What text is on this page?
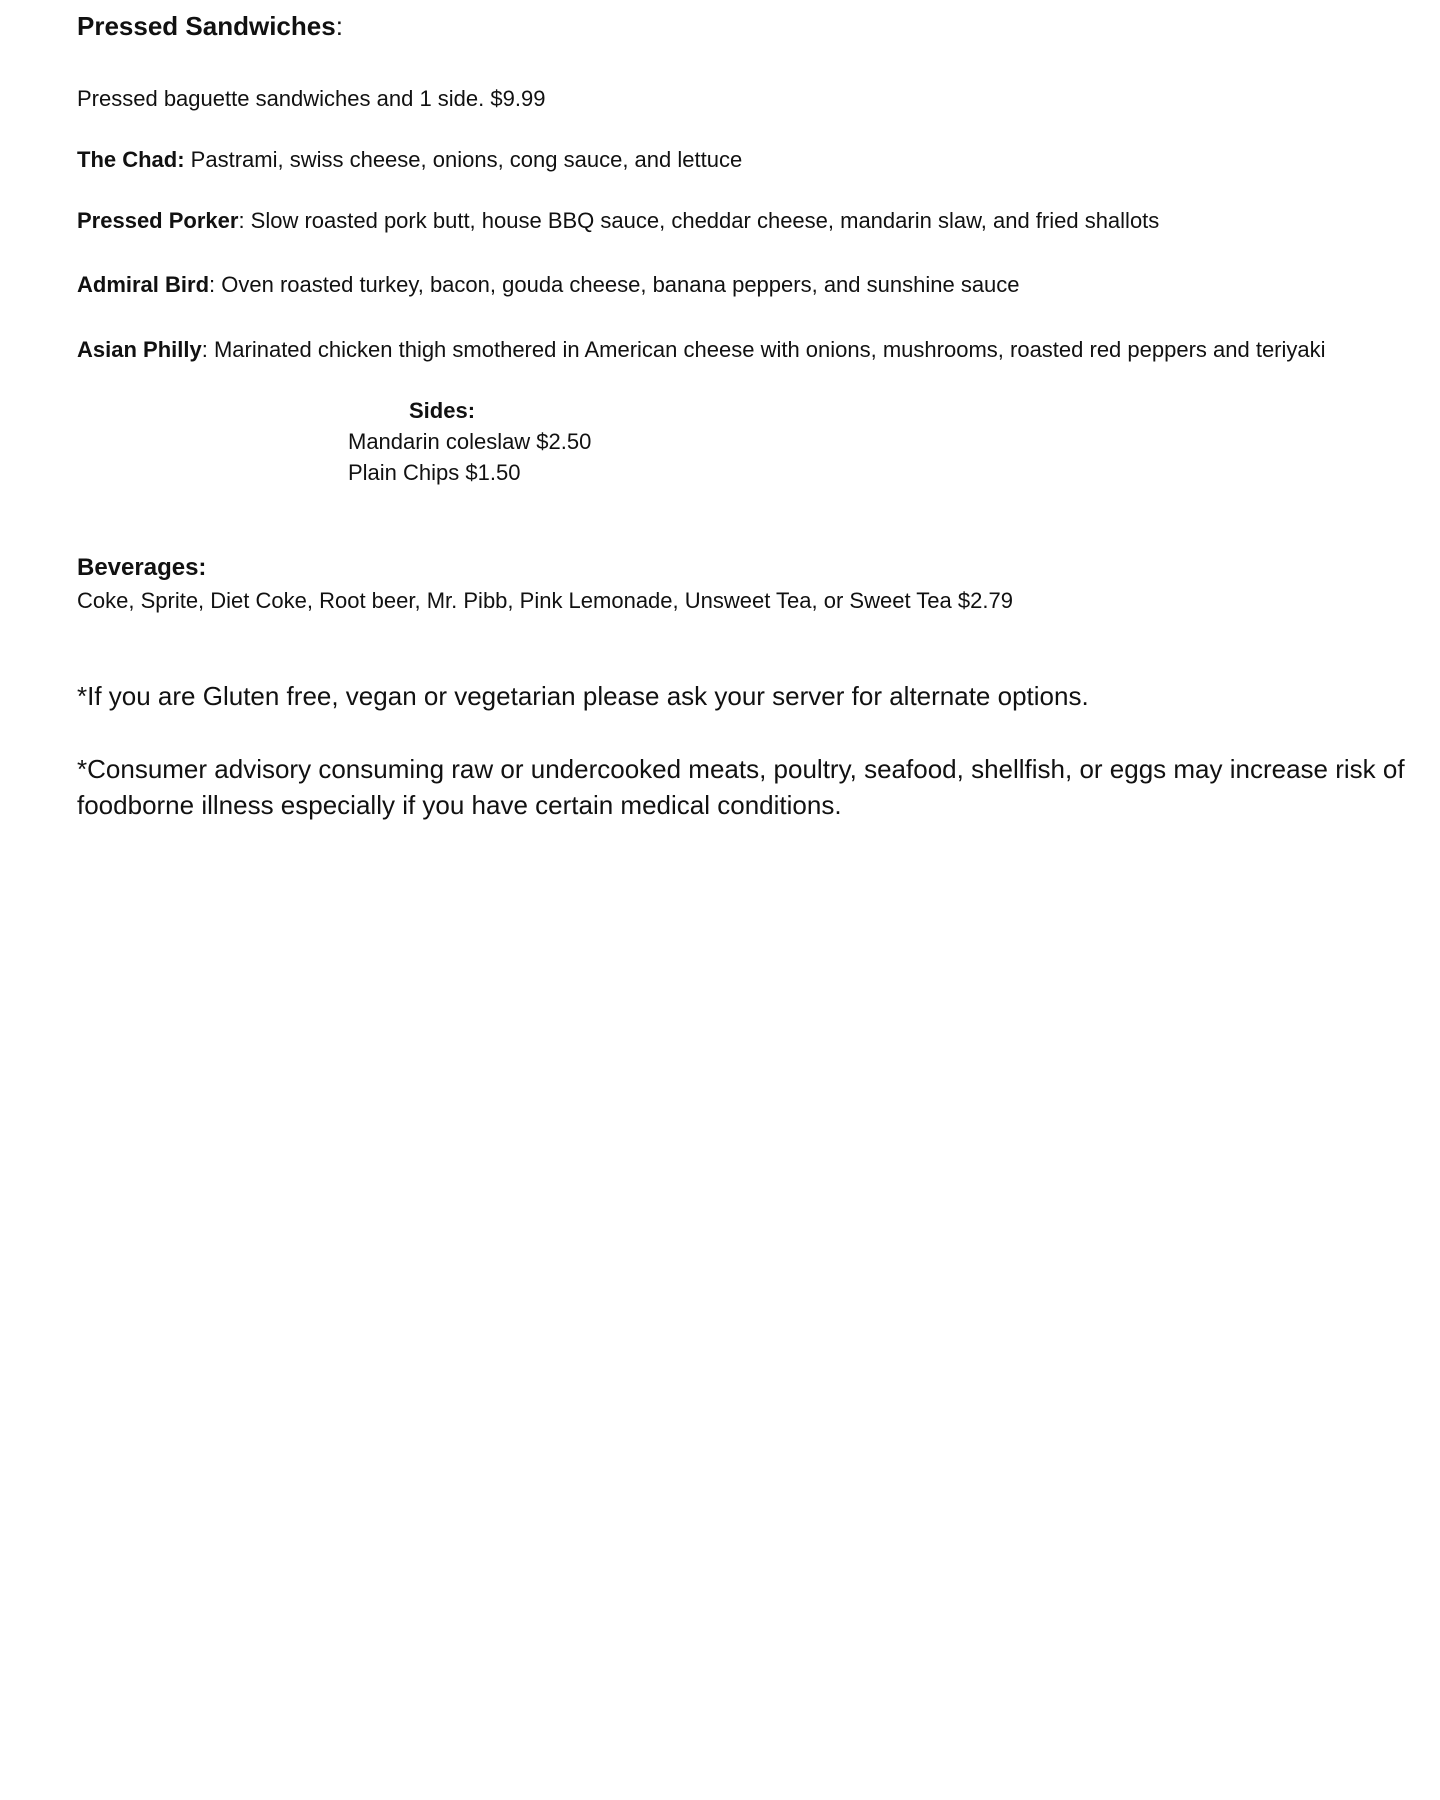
Pressed Sandwiches:
Pressed baguette sandwiches and 1 side. $9.99
The Chad: Pastrami, swiss cheese, onions, cong sauce, and lettuce
Pressed Porker: Slow roasted pork butt, house BBQ sauce, cheddar cheese, mandarin slaw, and fried shallots
Admiral Bird: Oven roasted turkey, bacon, gouda cheese, banana peppers, and sunshine sauce
Asian Philly: Marinated chicken thigh smothered in American cheese with onions, mushrooms, roasted red peppers and teriyaki
Sides:
Mandarin coleslaw $2.50
Plain Chips $1.50
Beverages:
Coke, Sprite, Diet Coke, Root beer, Mr. Pibb, Pink Lemonade, Unsweet Tea, or Sweet Tea $2.79
*If you are Gluten free, vegan or vegetarian please ask your server for alternate options.
*Consumer advisory consuming raw or undercooked meats, poultry, seafood, shellfish, or eggs may increase risk of foodborne illness especially if you have certain medical conditions.
